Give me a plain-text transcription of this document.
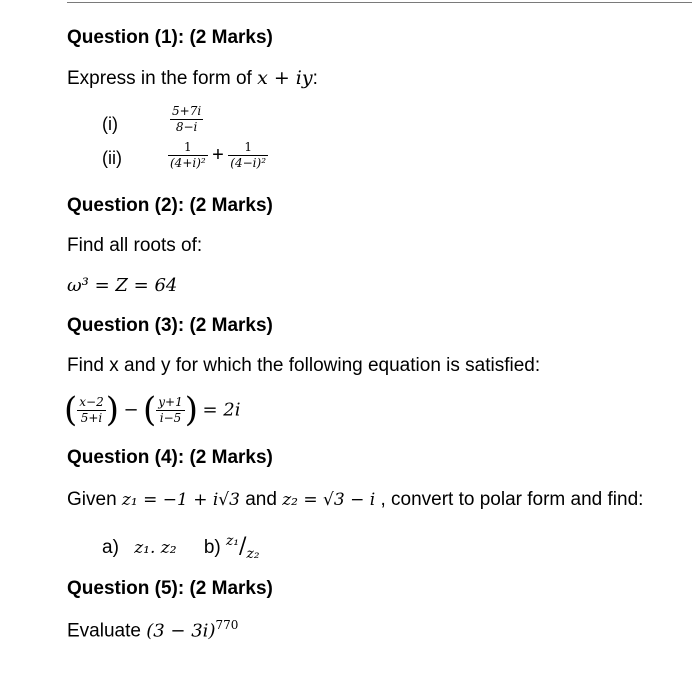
Question (1): (2 Marks)
Express in the form of x + iy:
(i)	$\frac{5+7i}{8-i}$
(ii)	$\frac{1}{\text{(4+i)²}} + \frac{1}{\text{(4−i)²}}$
Question (2): (2 Marks)
Find all roots of:
ω³ = Z = 64
Question (3): (2 Marks)
Find x and y for which the following equation is satisfied:
( $\frac{x-2}{5+i}$ ) − ( $\frac{y+1}{i-5}$ ) = 2i
Question (4): (2 Marks)
Given z₁ = −1 + i√3 and z₂ = √3 − i , convert to polar form and find:
a) z₁. z₂ b) $^{z_1}/_{z_2}$
Question (5): (2 Marks)
Evaluate $(3 - 3i)^{770}$
